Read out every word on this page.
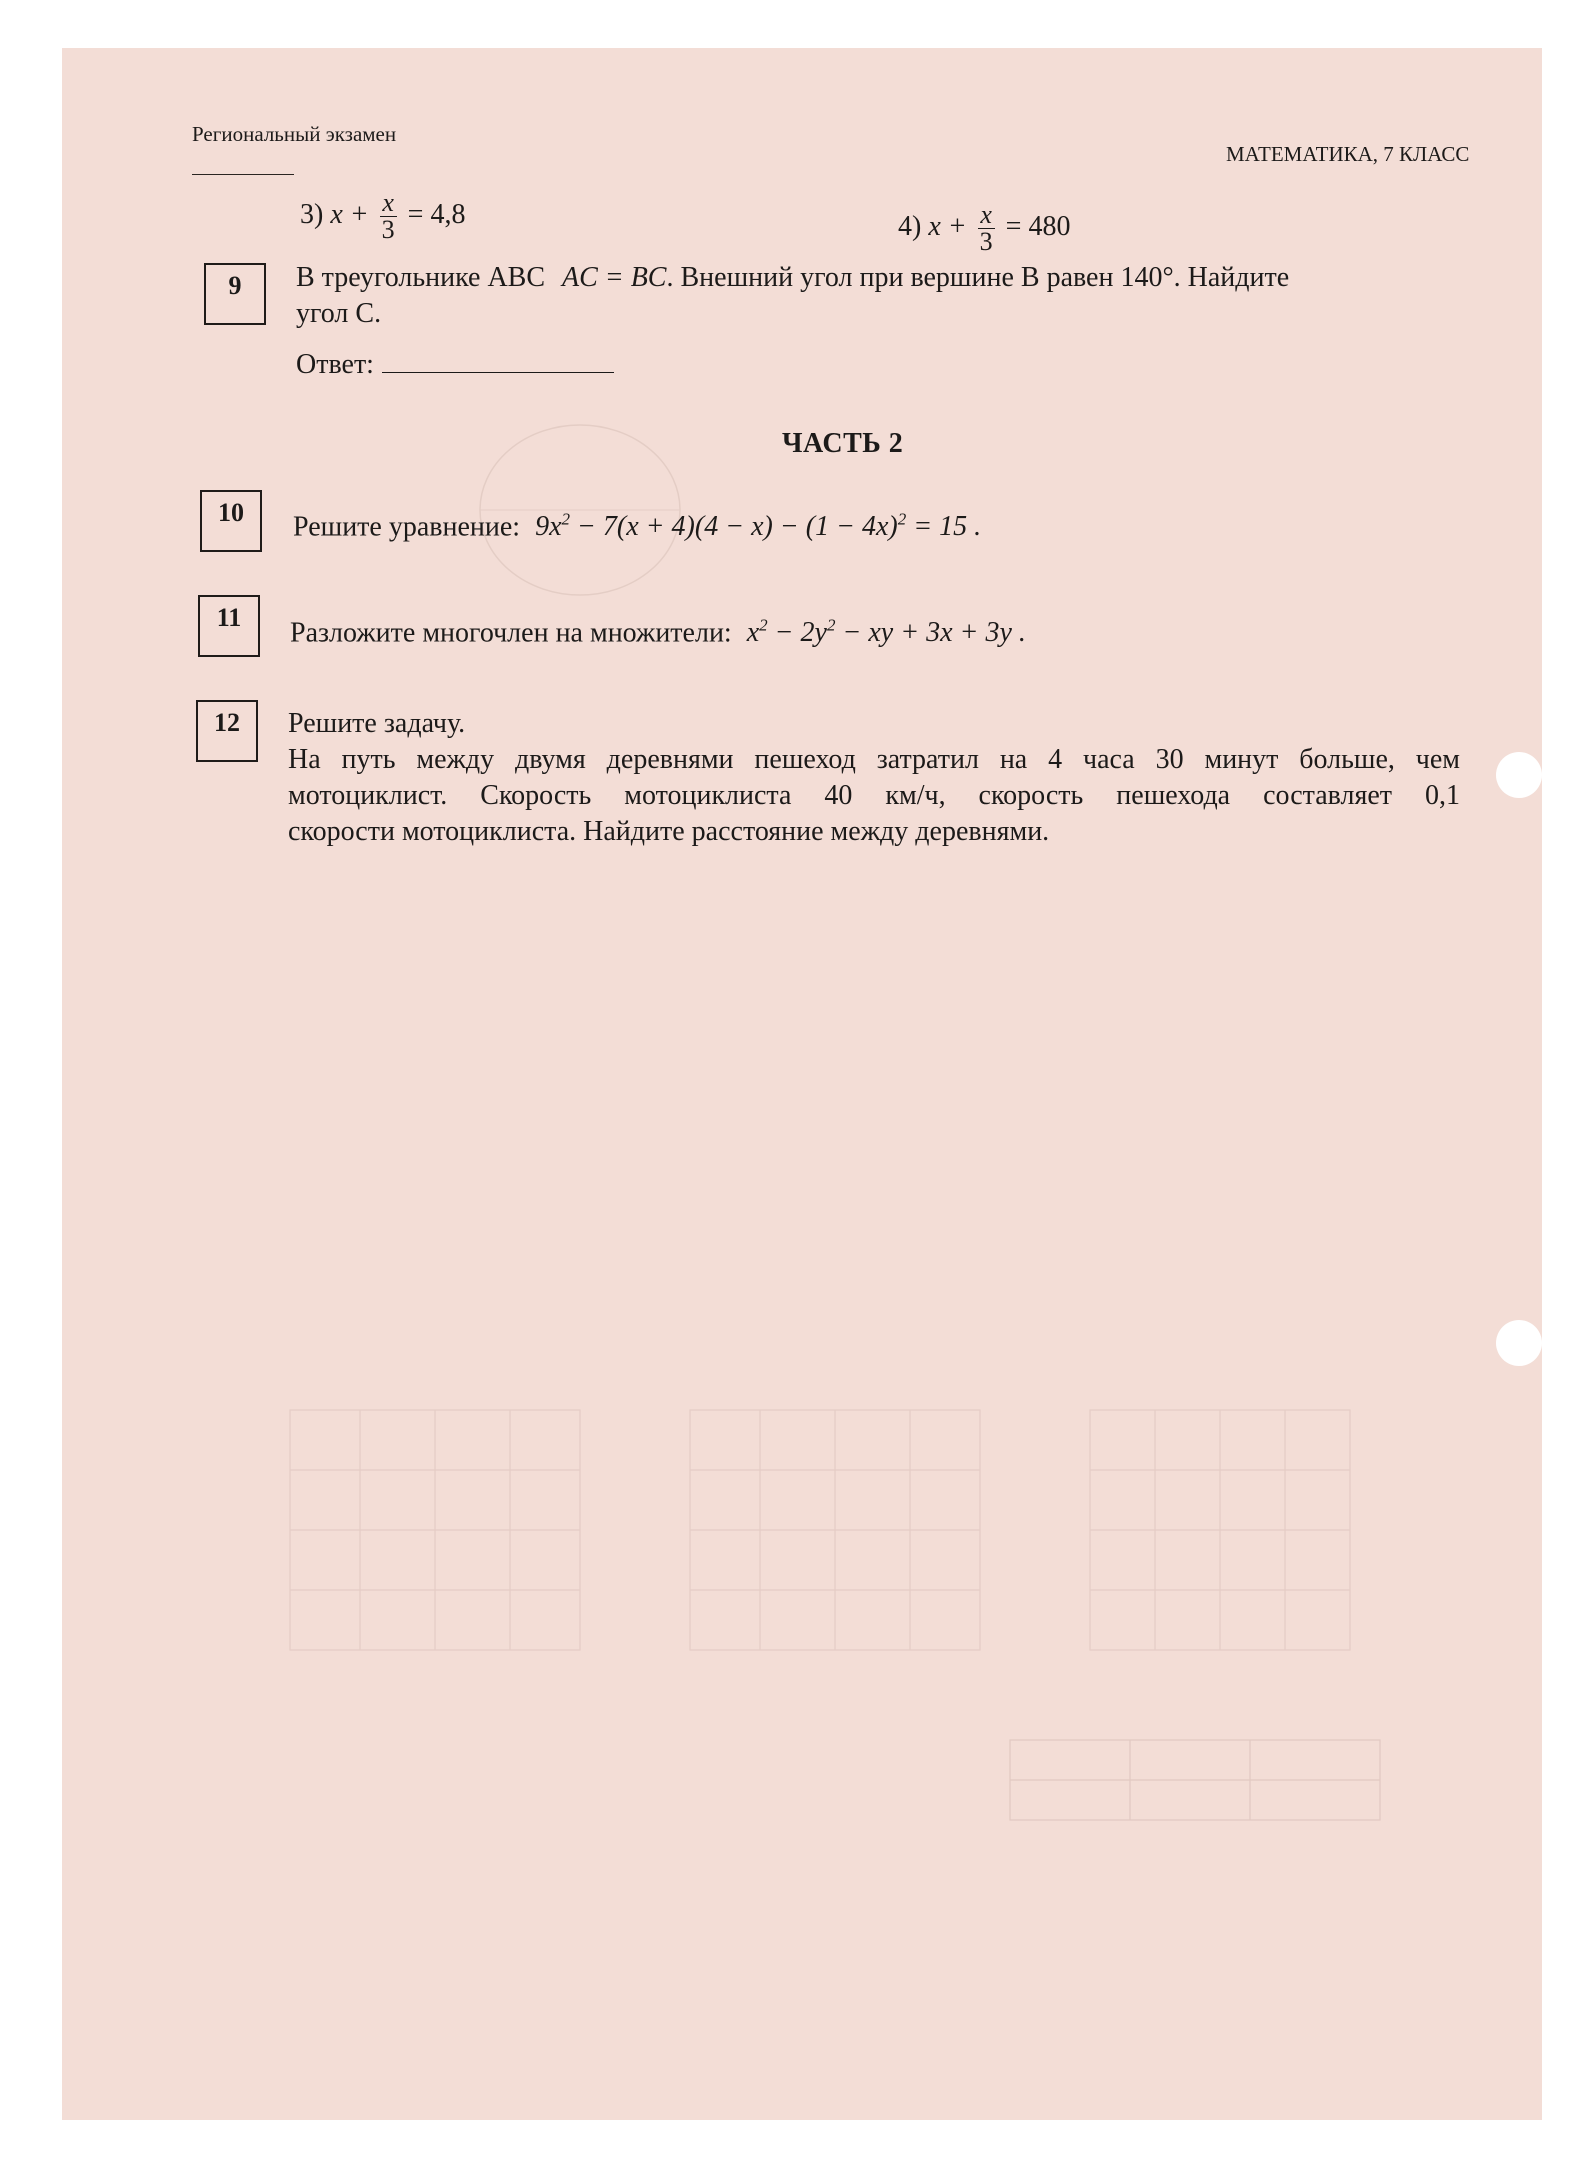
Региональный экзамен
МАТЕМАТИКА, 7 КЛАСС
3) $x + \frac{x}{3} = 4,8$	4) $x + \frac{x}{3} = 480$
9	В треугольнике ABC AC = BC. Внешний угол при вершине B равен 140°. Найдите
угол C.
Ответ:
ЧАСТЬ 2
10	Решите уравнение: $9x^2 - 7(x + 4)(4 - x) - (1 - 4x)^2 = 15$ .
11	Разложите многочлен на множители: $x^2 - 2y^2$ − xy + 3x + 3y .
12	Решите задачу.
На путь между двумя деревнями пешеход затратил на 4 часа 30 минут больше, чем
мотоциклист. Скорость мотоциклиста 40 км/ч, скорость пешехода составляет 0,1
скорости мотоциклиста. Найдите расстояние между деревнями.
